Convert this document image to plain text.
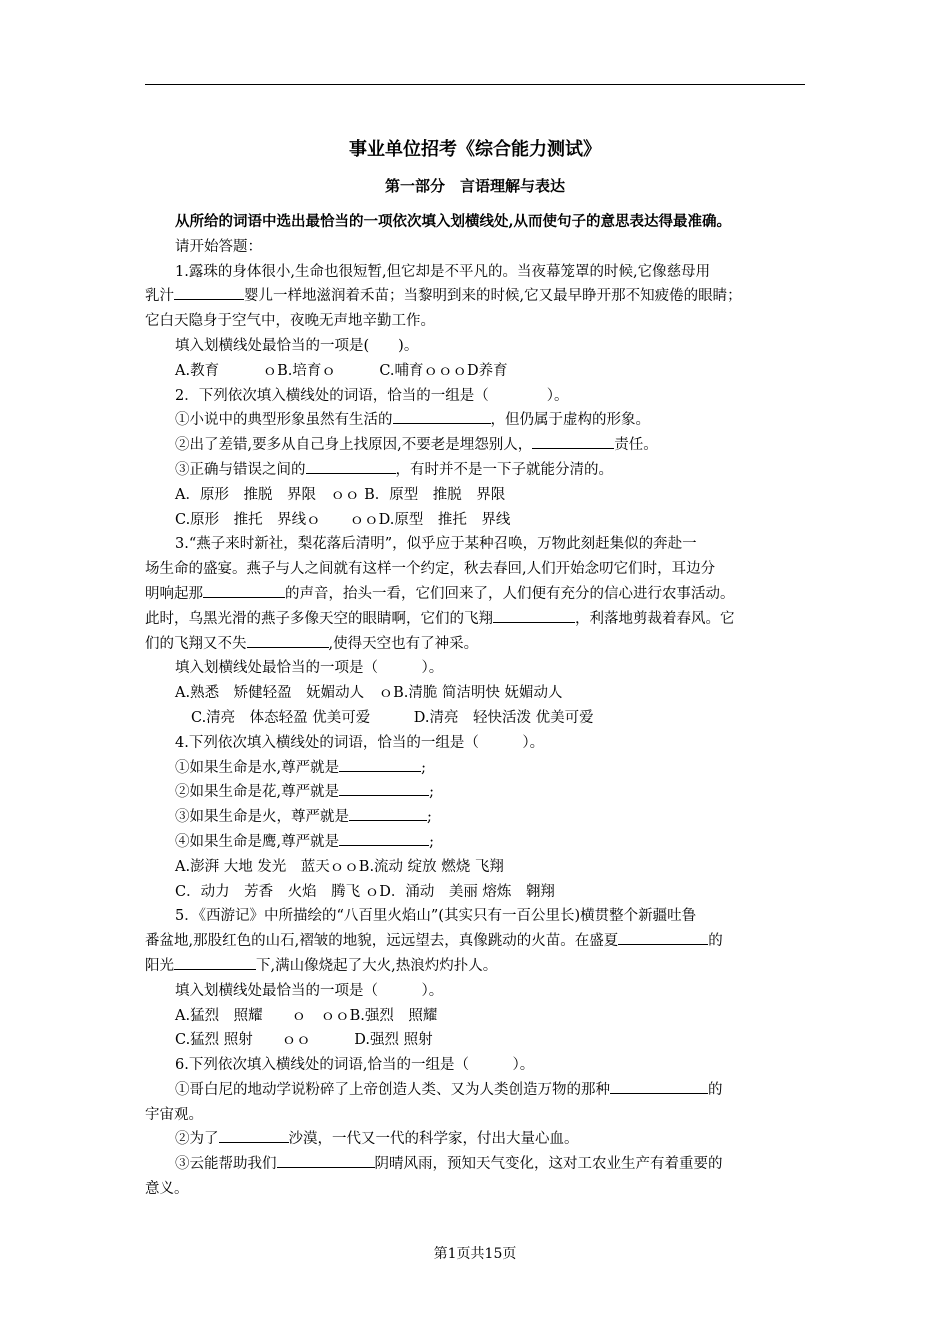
事业单位招考《综合能力测试》
第一部分　言语理解与表达
从所给的词语中选出最恰当的一项依次填入划横线处,从而使句子的意思表达得最准确。
请开始答题：
1.露珠的身体很小,生命也很短暂,但它却是不平凡的。当夜幕笼罩的时候,它像慈母用
乳汁	婴儿一样地滋润着禾苗；当黎明到来的时候,它又最早睁开那不知疲倦的眼睛；
它白天隐身于空气中，夜晚无声地辛勤工作。
填入划横线处最恰当的一项是(　　)。
A.教育　　　ｏB.培育ｏ　　　C.哺育ｏｏｏD养育
2．下列依次填入横线处的词语，恰当的一组是（　　　　）。
①小说中的典型形象虽然有生活的	，但仍属于虚构的形象。
②出了差错,要多从自己身上找原因,不要老是埋怨别人，	责任。
③正确与错误之间的	，有时并不是一下子就能分清的。
A．原形　推脱　界限　ｏｏ B．原型　推脱　界限
C.原形　推托　界线ｏ　　ｏｏD.原型　推托　界线
3.“燕子来时新社，梨花落后清明”，似乎应于某种召唤，万物此刻赶集似的奔赴一
场生命的盛宴。燕子与人之间就有这样一个约定，秋去春回,人们开始念叨它们时，耳边分
明响起那	的声音，抬头一看，它们回来了，人们便有充分的信心进行农事活动。
此时，乌黑光滑的燕子多像天空的眼睛啊，它们的飞翔	，利落地剪裁着春风。它
们的飞翔又不失	,使得天空也有了神采。
填入划横线处最恰当的一项是（　　　）。
A.熟悉　矫健轻盈　妩媚动人　ｏB.清脆 简洁明快 妩媚动人
C.清亮　体态轻盈 优美可爱　　　D.清亮　轻快活泼 优美可爱
4.下列依次填入横线处的词语，恰当的一组是（　　　）。
①如果生命是水,尊严就是	;
②如果生命是花,尊严就是	;
③如果生命是火，尊严就是	;
④如果生命是鹰,尊严就是	;
A.澎湃 大地 发光　蓝天ｏｏB.流动 绽放 燃烧 飞翔
C．动力　芳香　火焰　腾飞 ｏD．涌动　美丽 熔炼　翱翔
5．《西游记》中所描绘的“八百里火焰山”(其实只有一百公里长)横贯整个新疆吐鲁
番盆地,那股红色的山石,褶皱的地貌，远远望去，真像跳动的火苗。在盛夏	的
阳光	下,满山像烧起了大火,热浪灼灼扑人。
填入划横线处最恰当的一项是（　　　）。
A.猛烈　照耀　　ｏ　ｏｏB.强烈　照耀
C.猛烈 照射　　ｏｏ　　　D.强烈 照射
6.下列依次填入横线处的词语,恰当的一组是（　　　）。
①哥白尼的地动学说粉碎了上帝创造人类、又为人类创造万物的那种	的
宇宙观。
②为了	沙漠，一代又一代的科学家，付出大量心血。
③云能帮助我们	阴晴风雨，预知天气变化，这对工农业生产有着重要的
意义。
第1页共15页
